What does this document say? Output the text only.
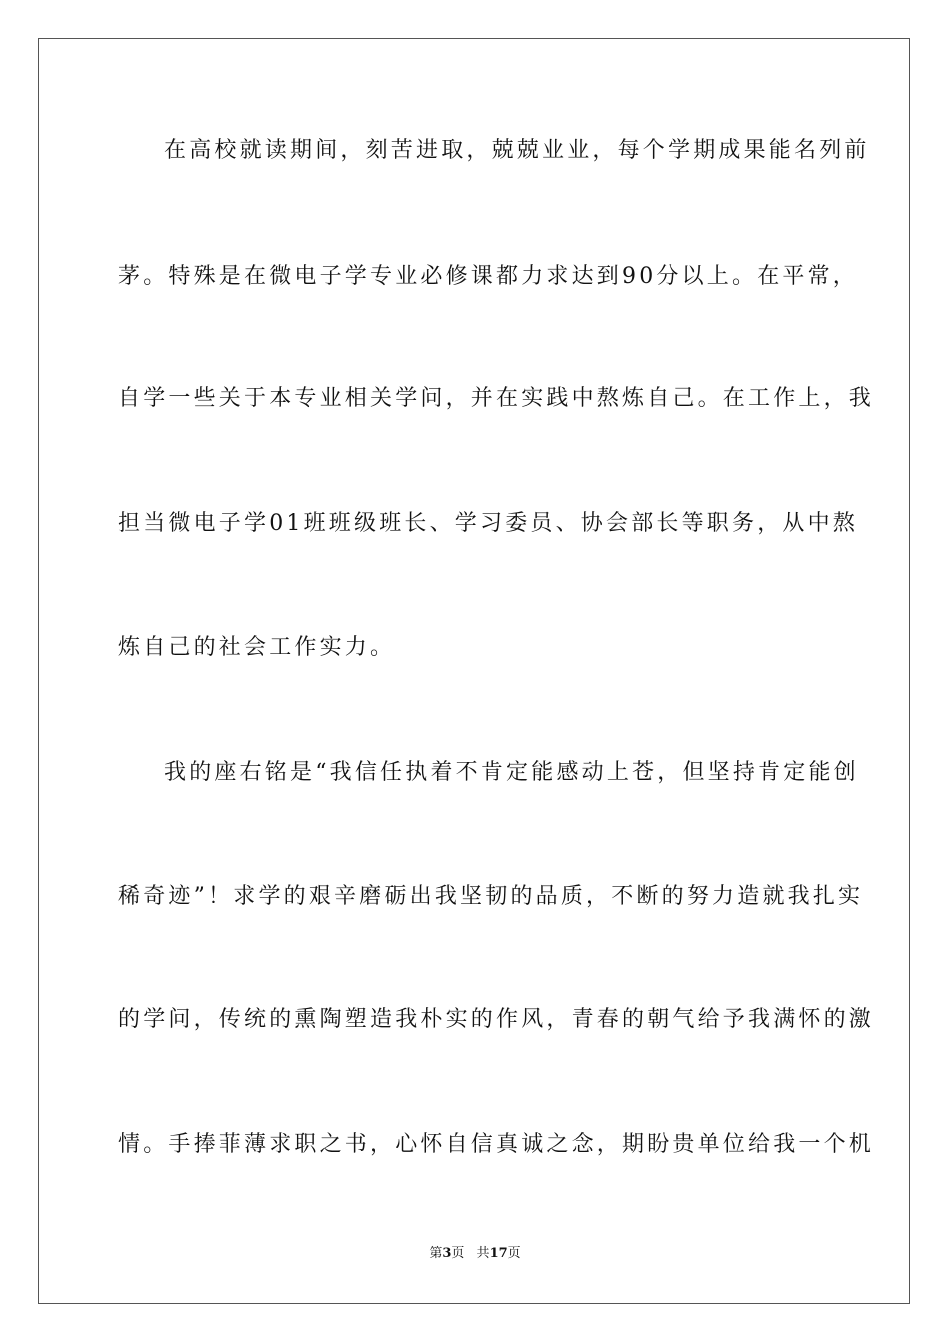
在高校就读期间，刻苦进取，兢兢业业，每个学期成果能名列前
茅。特殊是在微电子学专业必修课都力求达到90分以上。在平常，
自学一些关于本专业相关学问，并在实践中熬炼自己。在工作上，我
担当微电子学01班班级班长、学习委员、协会部长等职务，从中熬
炼自己的社会工作实力。
我的座右铭是“我信任执着不肯定能感动上苍，但坚持肯定能创
稀奇迹”！求学的艰辛磨砺出我坚韧的品质，不断的努力造就我扎实
的学问，传统的熏陶塑造我朴实的作风，青春的朝气给予我满怀的激
情。手捧菲薄求职之书，心怀自信真诚之念，期盼贵单位给我一个机
第3页 共17页
